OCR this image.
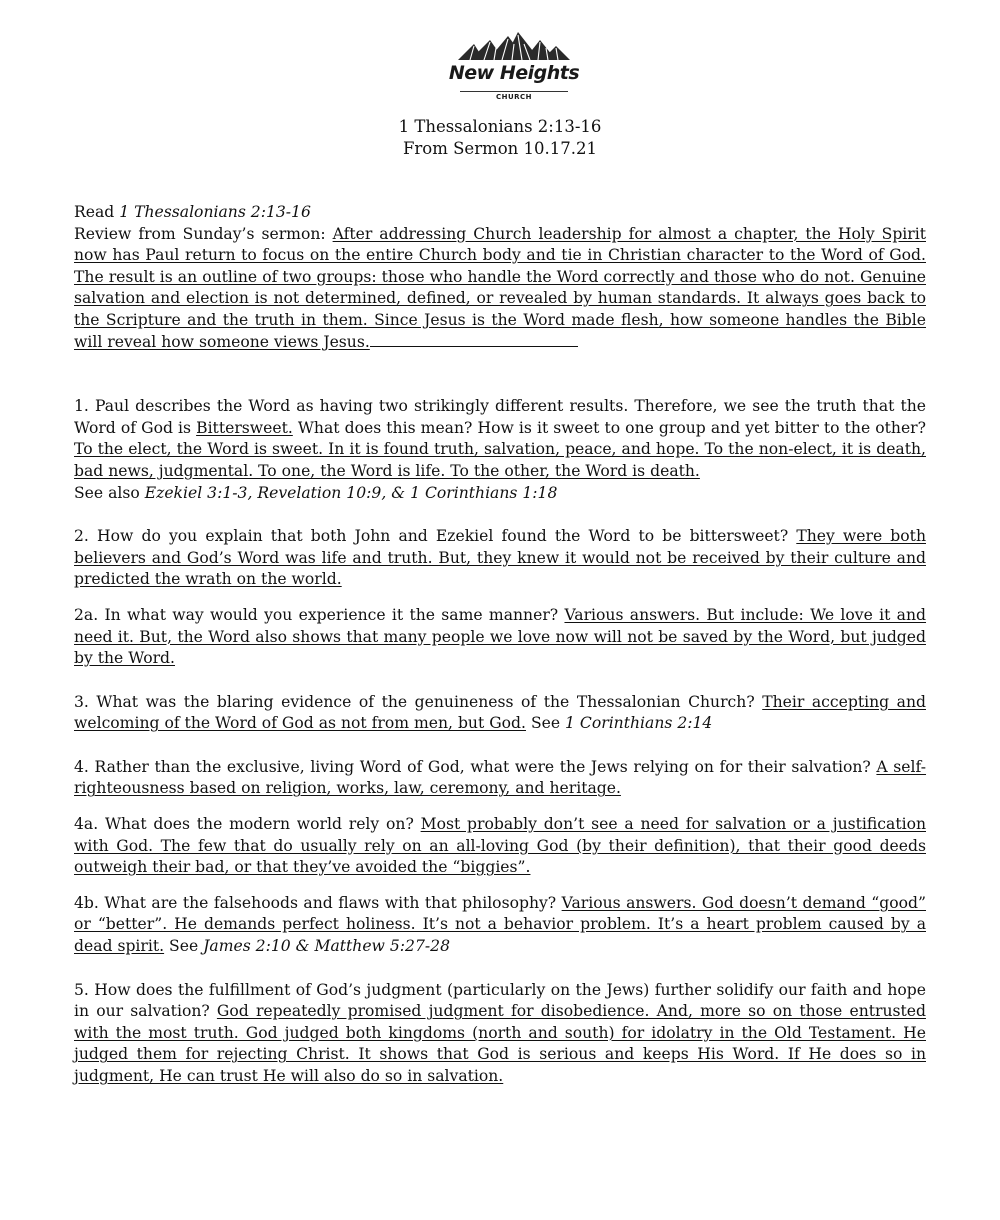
New Heights
CHURCH
1 Thessalonians 2:13-16
From Sermon 10.17.21

Read 1 Thessalonians 2:13-16

Review from Sunday’s sermon: After addressing Church leadership for almost a chapter, the Holy Spirit now has Paul return to focus on the entire Church body and tie in Christian character to the Word of God. The result is an outline of two groups: those who handle the Word correctly and those who do not. Genuine salvation and election is not determined, defined, or revealed by human standards. It always goes back to the Scripture and the truth in them. Since Jesus is the Word made flesh, how someone handles the Bible will reveal how someone views Jesus.

1. Paul describes the Word as having two strikingly different results. Therefore, we see the truth that the Word of God is Bittersweet. What does this mean? How is it sweet to one group and yet bitter to the other? To the elect, the Word is sweet. In it is found truth, salvation, peace, and hope. To the non-elect, it is death, bad news, judgmental. To one, the Word is life. To the other, the Word is death.
See also Ezekiel 3:1-3, Revelation 10:9, & 1 Corinthians 1:18

2. How do you explain that both John and Ezekiel found the Word to be bittersweet? They were both believers and God’s Word was life and truth. But, they knew it would not be received by their culture and predicted the wrath on the world.

2a. In what way would you experience it the same manner? Various answers. But include: We love it and need it. But, the Word also shows that many people we love now will not be saved by the Word, but judged by the Word.

3. What was the blaring evidence of the genuineness of the Thessalonian Church? Their accepting and welcoming of the Word of God as not from men, but God. See 1 Corinthians 2:14

4. Rather than the exclusive, living Word of God, what were the Jews relying on for their salvation? A self-righteousness based on religion, works, law, ceremony, and heritage.

4a. What does the modern world rely on? Most probably don’t see a need for salvation or a justification with God. The few that do usually rely on an all-loving God (by their definition), that their good deeds outweigh their bad, or that they’ve avoided the “biggies”.

4b. What are the falsehoods and flaws with that philosophy? Various answers. God doesn’t demand “good” or “better”. He demands perfect holiness. It’s not a behavior problem. It’s a heart problem caused by a dead spirit. See James 2:10 & Matthew 5:27-28

5. How does the fulfillment of God’s judgment (particularly on the Jews) further solidify our faith and hope in our salvation? God repeatedly promised judgment for disobedience. And, more so on those entrusted with the most truth. God judged both kingdoms (north and south) for idolatry in the Old Testament. He judged them for rejecting Christ. It shows that God is serious and keeps His Word. If He does so in judgment, He can trust He will also do so in salvation.
